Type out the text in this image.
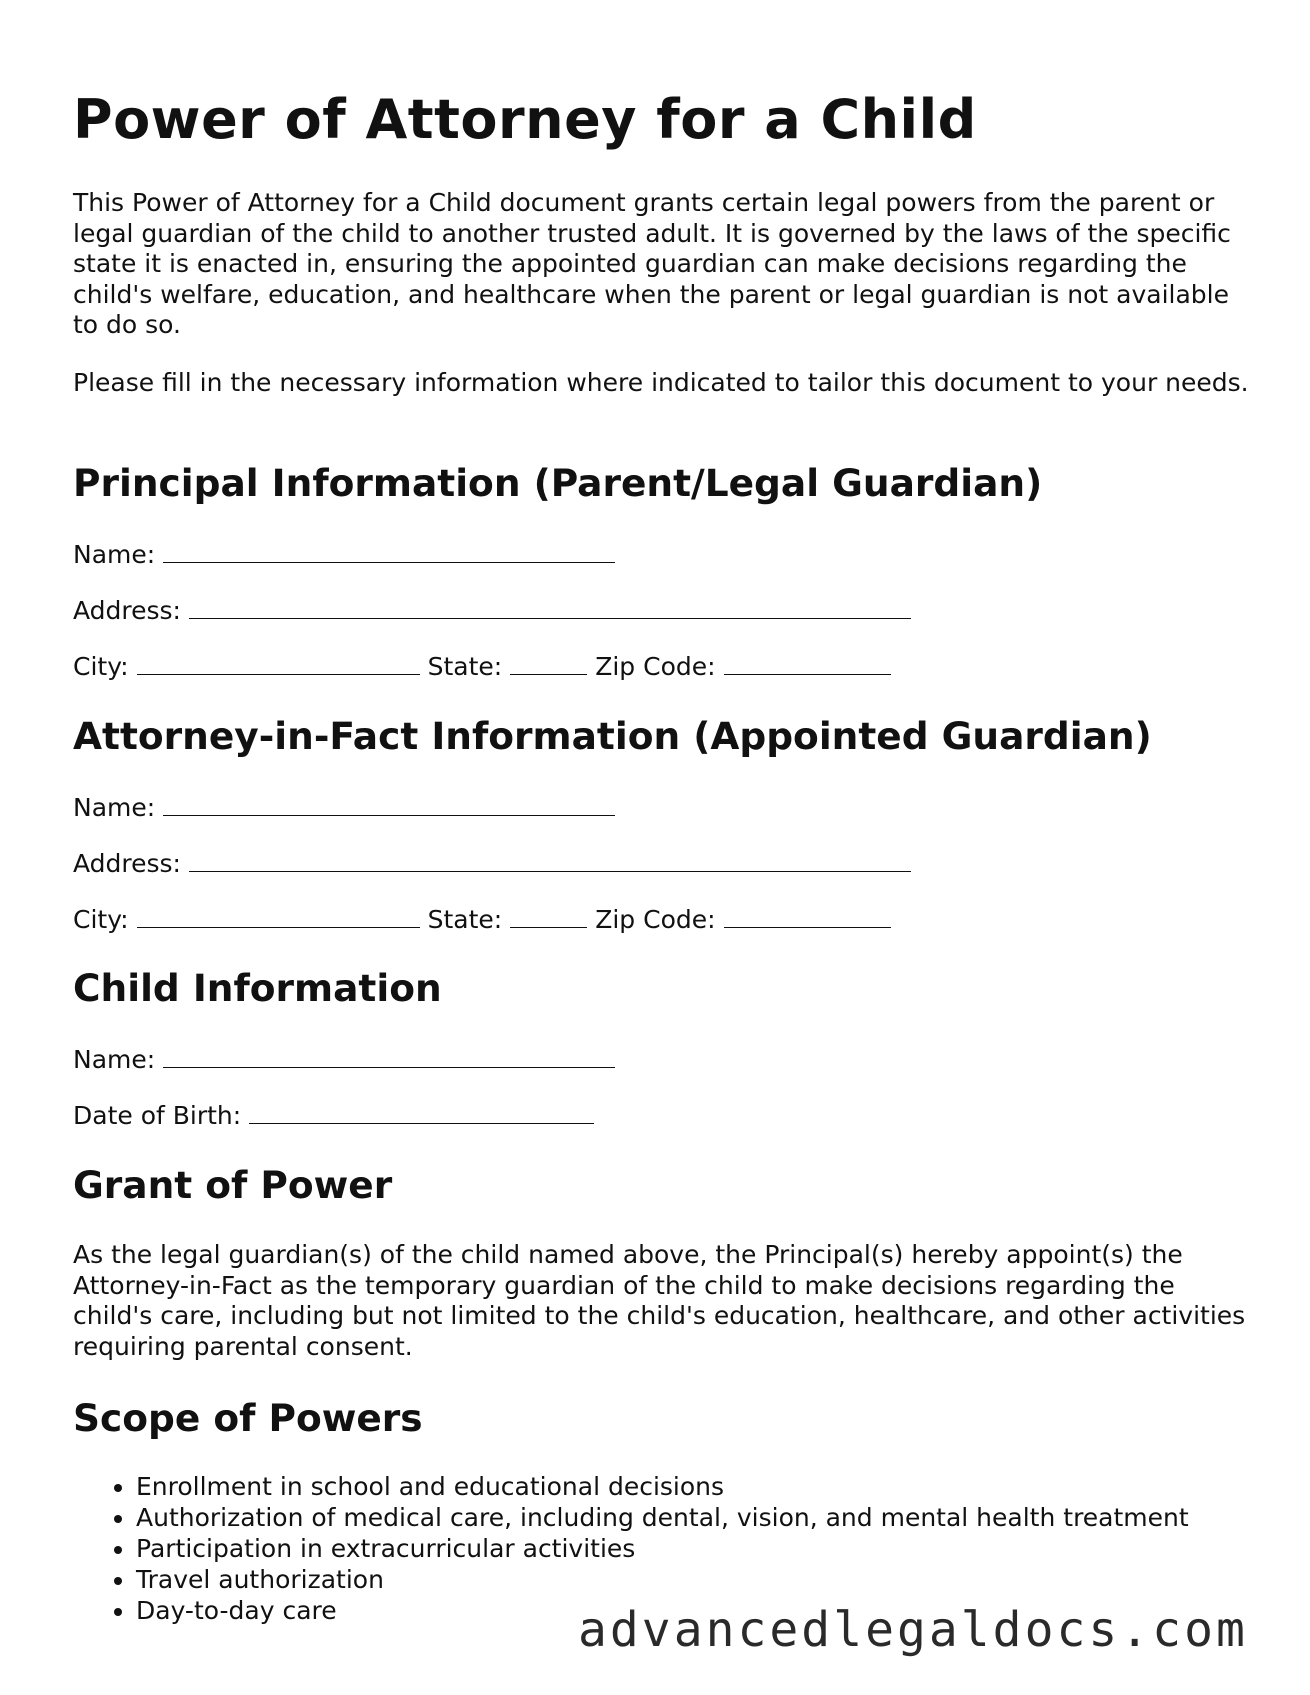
Power of Attorney for a Child

This Power of Attorney for a Child document grants certain legal powers from the parent or legal guardian of the child to another trusted adult. It is governed by the laws of the specific state it is enacted in, ensuring the appointed guardian can make decisions regarding the child's welfare, education, and healthcare when the parent or legal guardian is not available to do so.

Please fill in the necessary information where indicated to tailor this document to your needs.

Principal Information (Parent/Legal Guardian)
Name:
Address:
City:	State:	Zip Code:
Attorney-in-Fact Information (Appointed Guardian)
Name:
Address:
City:	State:	Zip Code:
Child Information
Name:
Date of Birth:
Grant of Power

As the legal guardian(s) of the child named above, the Principal(s) hereby appoint(s) the Attorney-in-Fact as the temporary guardian of the child to make decisions regarding the child's care, including but not limited to the child's education, healthcare, and other activities requiring parental consent.

Scope of Powers
• Enrollment in school and educational decisions
• Authorization of medical care, including dental, vision, and mental health treatment
• Participation in extracurricular activities
• Travel authorization
• Day-to-day care	advancedlegaldocs.com
